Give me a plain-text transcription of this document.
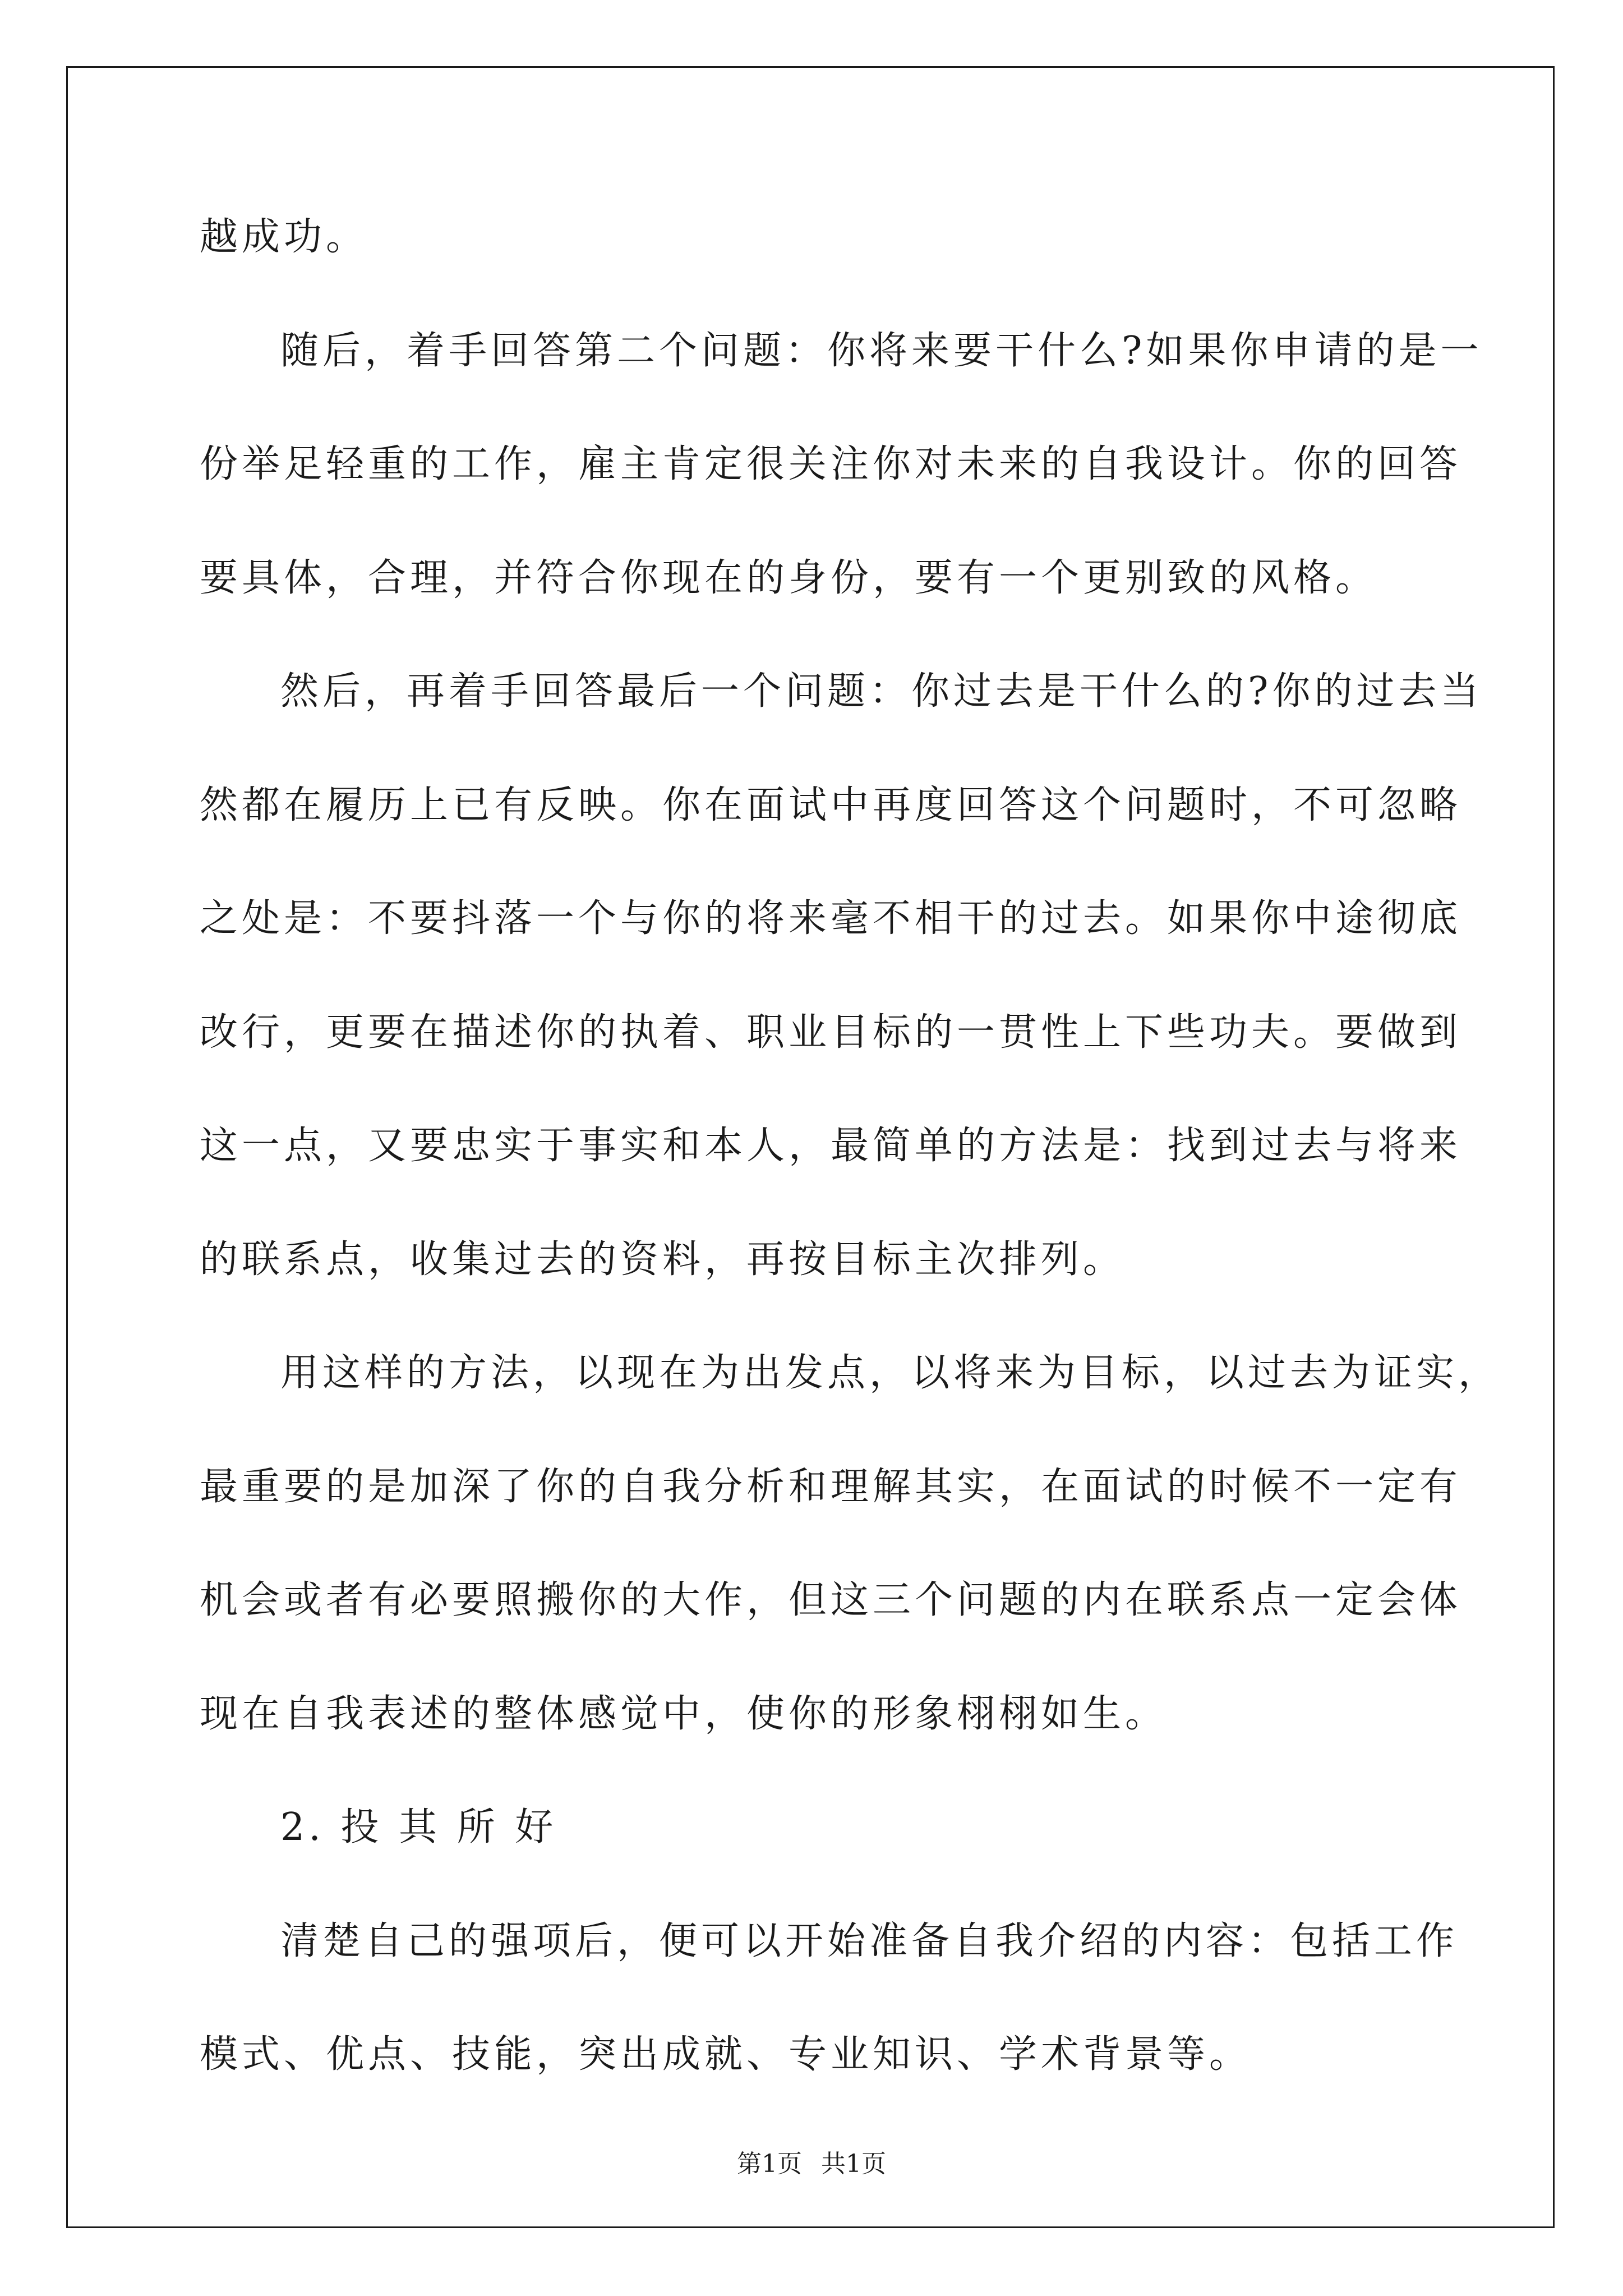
越成功。
随后，着手回答第二个问题：你将来要干什么?如果你申请的是一
份举足轻重的工作，雇主肯定很关注你对未来的自我设计。你的回答
要具体，合理，并符合你现在的身份，要有一个更别致的风格。
然后，再着手回答最后一个问题：你过去是干什么的?你的过去当
然都在履历上已有反映。你在面试中再度回答这个问题时，不可忽略
之处是：不要抖落一个与你的将来毫不相干的过去。如果你中途彻底
改行，更要在描述你的执着、职业目标的一贯性上下些功夫。要做到
这一点，又要忠实于事实和本人，最简单的方法是：找到过去与将来
的联系点，收集过去的资料，再按目标主次排列。
用这样的方法，以现在为出发点，以将来为目标，以过去为证实，
最重要的是加深了你的自我分析和理解其实，在面试的时候不一定有
机会或者有必要照搬你的大作，但这三个问题的内在联系点一定会体
现在自我表述的整体感觉中，使你的形象栩栩如生。
2. 投 其 所 好
清楚自己的强项后，便可以开始准备自我介绍的内容：包括工作
模式、优点、技能，突出成就、专业知识、学术背景等。
第1页 共1页
